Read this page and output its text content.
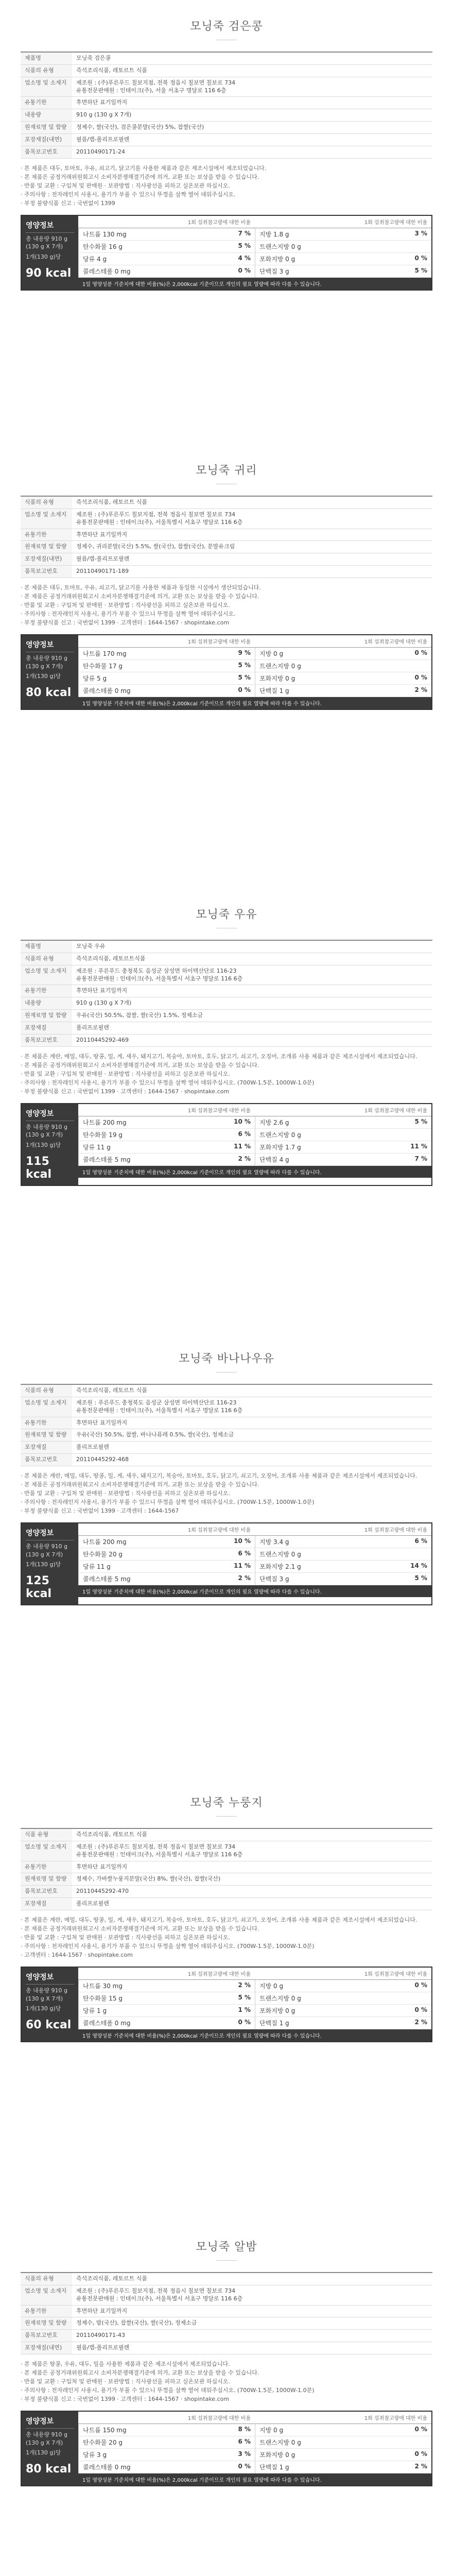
모닝죽 검은콩
제품명	모닝죽 검은콩
식품의 유형	즉석조리식품, 레토르트 식품
업소명 및 소재지	제조원 : (주)푸른푸드 칠보지점, 전북 정읍시 칠보면 칠보로 734
유통전문판매원 : 인테이크(주), 서울 서초구 명달로 116 6층
유통기한	후면하단 표기일까지
내용량	910 g (130 g X 7개)
원재료명 및 함량	정제수, 쌀(국산), 검은콩분말(국산) 5%, 찹쌀(국산)
포장재질(내면)	필름/캡-폴리프로필렌
품목보고번호	20110490171-24
· 본 제품은 대두, 토마토, 우유, 쇠고기, 닭고기를 사용한 제품과 같은 제조시설에서 제조되었습니다.
· 본 제품은 공정거래위원회고시 소비자분쟁해결기준에 의거, 교환 또는 보상을 받을 수 있습니다.
· 반품 및 교환 : 구입처 및 판매원 · 보관방법 : 직사광선을 피하고 실온보관 하십시오.
· 주의사항 : 전자레인지 사용시, 용기가 부풀 수 있으니 뚜껑을 살짝 열어 데워주십시오.
· 부정 불량식품 신고 : 국번없이 1399
영양정보
총 내용량 910 g (130 g X 7개)
1개(130 g)당
90 kcal
1회 섭취참고량에 대한 비율	1회 섭취참고량에 대한 비율
나트륨 130 mg	7 %
탄수화물 16 g	5 %
당류 4 g	4 %
콜레스테롤 0 mg	0 %
지방 1.8 g	3 %
트랜스지방 0 g
포화지방 0 g	0 %
단백질 3 g	5 %
1일 영양성분 기준치에 대한 비율(%)은 2,000kcal 기준이므로 개인의 필요 열량에 따라 다를 수 있습니다.
모닝죽 귀리
식품의 유형	즉석조리식품, 레토르트 식품
업소명 및 소재지	제조원 : (주)푸른푸드 칠보지점, 전북 정읍시 칠보면 칠보로 734
유통전문판매원 : 인테이크(주), 서울특별시 서초구 명달로 116 6층
유통기한	후면하단 표기일까지
원재료명 및 함량	정제수, 귀리분말(국산) 5.5%, 쌀(국산), 찹쌀(국산), 분말유크림
포장재질(내면)	필름/캡-폴리프로필렌
품목보고번호	20110490171-189
· 본 제품은 대두, 토마토, 우유, 쇠고기, 닭고기를 사용한 제품과 동일한 시설에서 생산되었습니다.
· 본 제품은 공정거래위원회고시 소비자분쟁해결기준에 의거, 교환 또는 보상을 받을 수 있습니다.
· 반품 및 교환 : 구입처 및 판매원 · 보관방법 : 직사광선을 피하고 실온보관 하십시오.
· 주의사항 : 전자레인지 사용시, 용기가 부풀 수 있으니 뚜껑을 살짝 열어 데워주십시오.
· 부정 불량식품 신고 : 국번없이 1399 · 고객센터 : 1644-1567 · shopintake.com
영양정보
총 내용량 910 g (130 g X 7개)
1개(130 g)당
80 kcal
1회 섭취참고량에 대한 비율	1회 섭취참고량에 대한 비율
나트륨 170 mg	9 %
탄수화물 17 g	5 %
당류 5 g	5 %
콜레스테롤 0 mg	0 %
지방 0 g	0 %
트랜스지방 0 g
포화지방 0 g	0 %
단백질 1 g	2 %
1일 영양성분 기준치에 대한 비율(%)은 2,000kcal 기준이므로 개인의 필요 열량에 따라 다를 수 있습니다.
모닝죽 우유
제품명	모닝죽 우유
식품의 유형	즉석조리식품, 레토르트식품
업소명 및 소재지	제조원 : 푸른푸드 충청북도 음성군 삼성면 하이텍산단로 116-23
유통전문판매원 : 인테이크(주), 서울특별시 서초구 명달로 116 6층
유통기한	후면하단 표기일까지
내용량	910 g (130 g X 7개)
원재료명 및 함량	우유(국산) 50.5%, 찹쌀, 쌀(국산) 1.5%, 정제소금
포장재질	폴리프로필렌
품목보고번호	20110445292-469
· 본 제품은 계란, 메밀, 대두, 땅콩, 밀, 게, 새우, 돼지고기, 복숭아, 토마토, 호두, 닭고기, 쇠고기, 오징어, 조개류 사용 제품과 같은 제조시설에서 제조되었습니다.
· 본 제품은 공정거래위원회고시 소비자분쟁해결기준에 의거, 교환 또는 보상을 받을 수 있습니다.
· 반품 및 교환 : 구입처 및 판매원 · 보관방법 : 직사광선을 피하고 실온보관 하십시오.
· 주의사항 : 전자레인지 사용시, 용기가 부풀 수 있으니 뚜껑을 살짝 열어 데워주십시오. (700W-1.5분, 1000W-1.0분)
· 부정 불량식품 신고 : 국번없이 1399 · 고객센터 : 1644-1567 · shopintake.com
영양정보
총 내용량 910 g (130 g X 7개)
1개(130 g)당
115 kcal
1회 섭취참고량에 대한 비율	1회 섭취참고량에 대한 비율
나트륨 200 mg	10 %
탄수화물 19 g	6 %
당류 11 g	11 %
콜레스테롤 5 mg	2 %
지방 2.6 g	5 %
트랜스지방 0 g
포화지방 1.7 g	11 %
단백질 4 g	7 %
1일 영양성분 기준치에 대한 비율(%)은 2,000kcal 기준이므로 개인의 필요 열량에 따라 다를 수 있습니다.
모닝죽 바나나우유
식품의 유형	즉석조리식품, 레토르트 식품
업소명 및 소재지	제조원 : 푸른푸드 충청북도 음성군 삼성면 하이텍산단로 116-23
유통전문판매원 : 인테이크(주), 서울특별시 서초구 명달로 116 6층
유통기한	후면하단 표기일까지
원재료명 및 함량	우유(국산) 50.5%, 찹쌀, 바나나퓨레 0.5%, 쌀(국산), 정제소금
포장재질	폴리프로필렌
품목보고번호	20110445292-468
· 본 제품은 계란, 메밀, 대두, 땅콩, 밀, 게, 새우, 돼지고기, 복숭아, 토마토, 호두, 닭고기, 쇠고기, 오징어, 조개류 사용 제품과 같은 제조시설에서 제조되었습니다.
· 본 제품은 공정거래위원회고시 소비자분쟁해결기준에 의거, 교환 또는 보상을 받을 수 있습니다.
· 반품 및 교환 : 구입처 및 판매원 · 보관방법 : 직사광선을 피하고 실온보관 하십시오.
· 주의사항 : 전자레인지 사용시, 용기가 부풀 수 있으니 뚜껑을 살짝 열어 데워주십시오. (700W-1.5분, 1000W-1.0분)
· 부정 불량식품 신고 : 국번없이 1399 · 고객센터 : 1644-1567
영양정보
총 내용량 910 g (130 g X 7개)
1개(130 g)당
125 kcal
1회 섭취참고량에 대한 비율	1회 섭취참고량에 대한 비율
나트륨 200 mg	10 %
탄수화물 20 g	6 %
당류 11 g	11 %
콜레스테롤 5 mg	2 %
지방 3.4 g	6 %
트랜스지방 0 g
포화지방 2.1 g	14 %
단백질 3 g	5 %
1일 영양성분 기준치에 대한 비율(%)은 2,000kcal 기준이므로 개인의 필요 열량에 따라 다를 수 있습니다.
모닝죽 누룽지
식품 유형	즉석조리식품, 레토르트 식품
업소명 및 소재지	제조원 : (주)푸른푸드 칠보지점, 전북 정읍시 칠보면 칠보로 734
유통전문판매원 : 인테이크(주), 서울특별시 서초구 명달로 116 6층
유통기한	후면하단 표기일까지
원재료명 및 함량	정제수, 가바쌀누룽지분말(국산) 8%, 쌀(국산), 찹쌀(국산)
품목보고번호	20110445292-470
포장재질	폴리프로필렌
· 본 제품은 계란, 메밀, 대두, 땅콩, 밀, 게, 새우, 돼지고기, 복숭아, 토마토, 호두, 닭고기, 쇠고기, 오징어, 조개류 사용 제품과 같은 제조시설에서 제조되었습니다.
· 본 제품은 공정거래위원회고시 소비자분쟁해결기준에 의거, 교환 또는 보상을 받을 수 있습니다.
· 반품 및 교환 : 구입처 및 판매원 · 보관방법 : 직사광선을 피하고 실온보관 하십시오.
· 주의사항 : 전자레인지 사용시, 용기가 부풀 수 있으니 뚜껑을 살짝 열어 데워주십시오. (700W-1.5분, 1000W-1.0분)
· 고객센터 : 1644-1567 · shopintake.com
영양정보
총 내용량 910 g (130 g X 7개)
1개(130 g)당
60 kcal
1회 섭취참고량에 대한 비율	1회 섭취참고량에 대한 비율
나트륨 30 mg	2 %
탄수화물 15 g	5 %
당류 1 g	1 %
콜레스테롤 0 mg	0 %
지방 0 g	0 %
트랜스지방 0 g
포화지방 0 g	0 %
단백질 1 g	2 %
1일 영양성분 기준치에 대한 비율(%)은 2,000kcal 기준이므로 개인의 필요 열량에 따라 다를 수 있습니다.
모닝죽 알밤
식품의 유형	즉석조리식품, 레토르트 식품
업소명 및 소재지	제조원 : (주)푸른푸드 칠보지점, 전북 정읍시 칠보면 칠보로 734
유통전문판매원 : 인테이크(주), 서울특별시 서초구 명달로 116 6층
유통기한	후면하단 표기일까지
원재료명 및 함량	정제수, 밤(국산), 찹쌀(국산), 쌀(국산), 정제소금
품목보고번호	20110490171-43
포장재질(내면)	필름/캡-폴리프로필렌
· 본 제품은 땅콩, 우유, 대두, 밀을 사용한 제품과 같은 제조시설에서 제조되었습니다.
· 본 제품은 공정거래위원회고시 소비자분쟁해결기준에 의거, 교환 또는 보상을 받을 수 있습니다.
· 반품 및 교환 : 구입처 및 판매원 · 보관방법 : 직사광선을 피하고 실온보관 하십시오.
· 주의사항 : 전자레인지 사용시, 용기가 부풀 수 있으니 뚜껑을 살짝 열어 데워주십시오. (700W-1.5분, 1000W-1.0분)
· 부정 불량식품 신고 : 국번없이 1399 · 고객센터 : 1644-1567 · shopintake.com
영양정보
총 내용량 910 g (130 g X 7개)
1개(130 g)당
80 kcal
1회 섭취참고량에 대한 비율	1회 섭취참고량에 대한 비율
나트륨 150 mg	8 %
탄수화물 20 g	6 %
당류 3 g	3 %
콜레스테롤 0 mg	0 %
지방 0 g	0 %
트랜스지방 0 g
포화지방 0 g	0 %
단백질 1 g	2 %
1일 영양성분 기준치에 대한 비율(%)은 2,000kcal 기준이므로 개인의 필요 열량에 따라 다를 수 있습니다.
